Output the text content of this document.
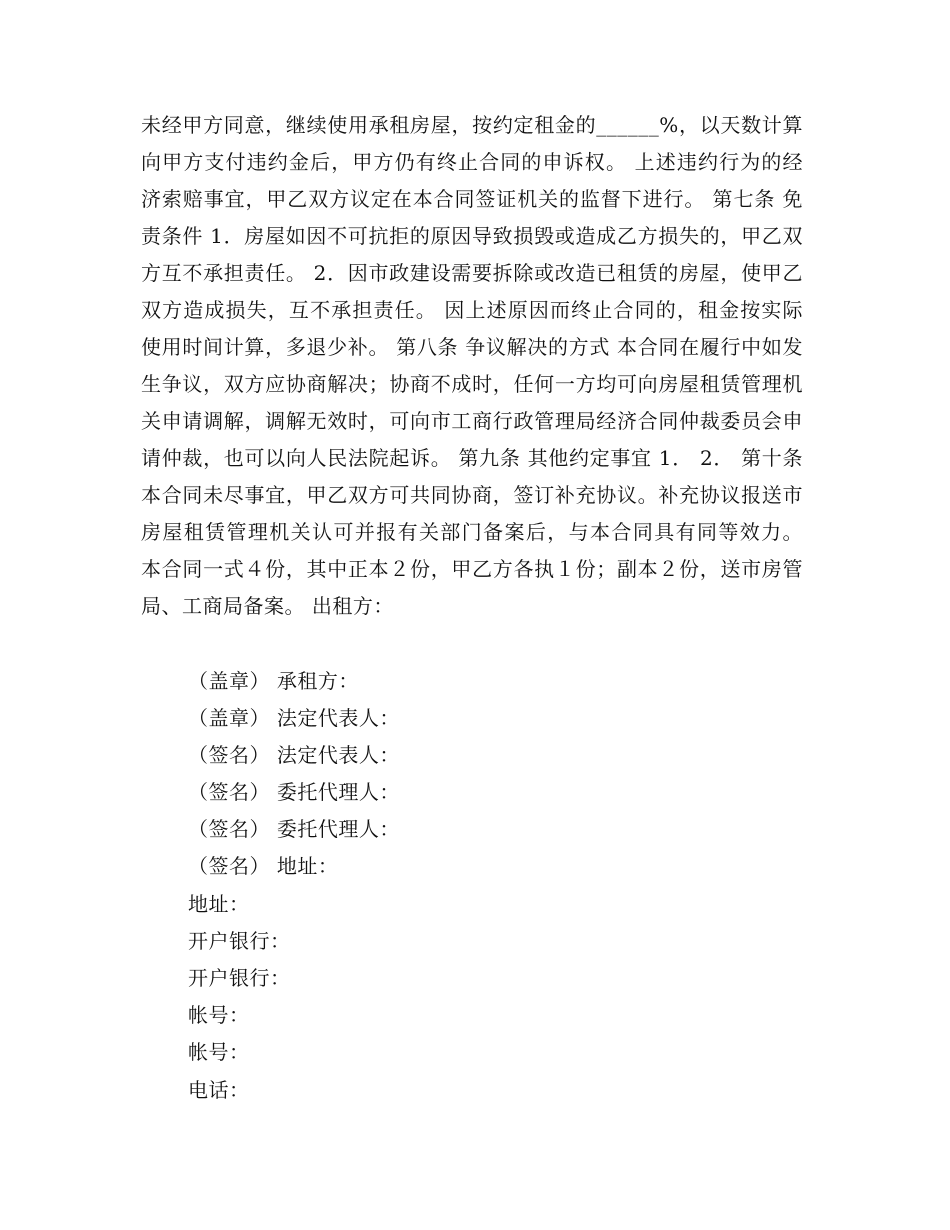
未经甲方同意，继续使用承租房屋，按约定租金的______%，以天数计算向甲方支付违约金后，甲方仍有终止合同的申诉权。 上述违约行为的经济索赔事宜，甲乙双方议定在本合同签证机关的监督下进行。 第七条 免责条件 1．房屋如因不可抗拒的原因导致损毁或造成乙方损失的，甲乙双方互不承担责任。 2．因市政建设需要拆除或改造已租赁的房屋，使甲乙双方造成损失，互不承担责任。 因上述原因而终止合同的，租金按实际使用时间计算，多退少补。 第八条 争议解决的方式 本合同在履行中如发生争议，双方应协商解决；协商不成时，任何一方均可向房屋租赁管理机关申请调解，调解无效时，可向市工商行政管理局经济合同仲裁委员会申请仲裁，也可以向人民法院起诉。 第九条 其他约定事宜 1． 2． 第十条 本合同未尽事宜，甲乙双方可共同协商，签订补充协议。补充协议报送市房屋租赁管理机关认可并报有关部门备案后，与本合同具有同等效力。 本合同一式４份，其中正本２份，甲乙方各执１份；副本２份，送市房管局、工商局备案。 出租方：
（盖章） 承租方：
（盖章） 法定代表人：
（签名） 法定代表人：
（签名） 委托代理人：
（签名） 委托代理人：
（签名） 地址：
地址：
开户银行：
开户银行：
帐号：
帐号：
电话：
